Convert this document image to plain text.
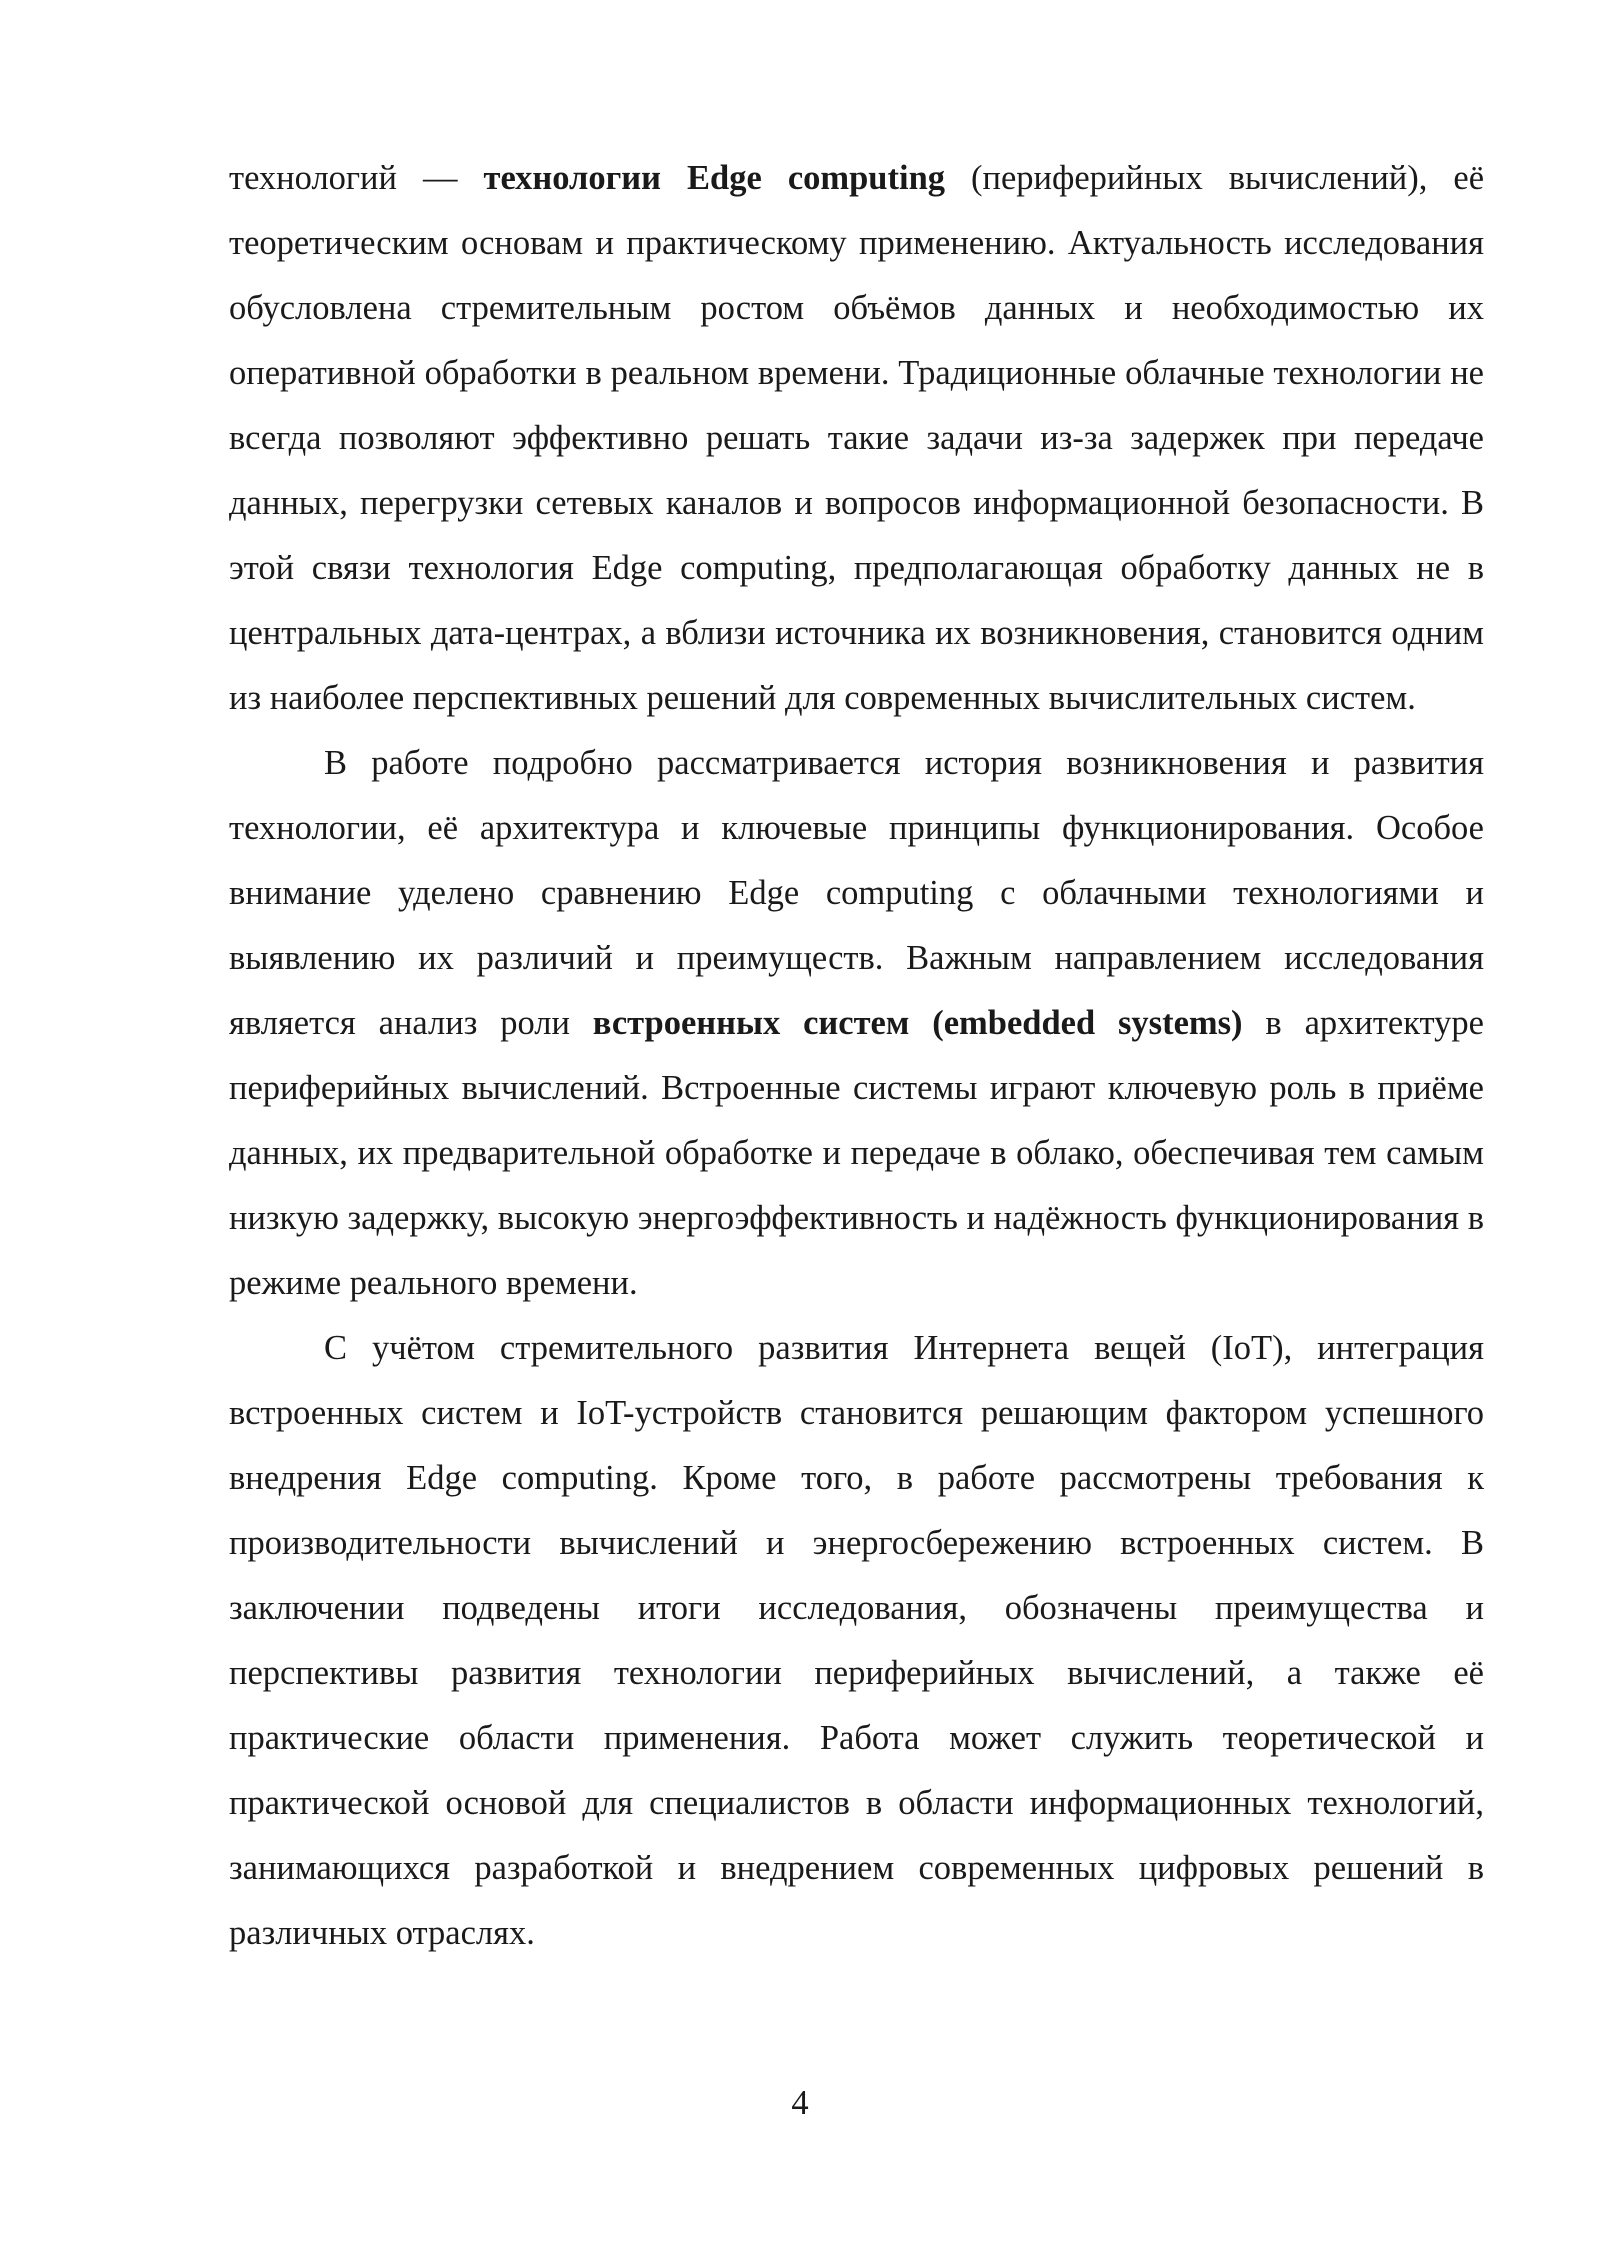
технологий — технологии Edge computing (периферийных вычислений), её теоретическим основам и практическому применению. Актуальность исследования обусловлена стремительным ростом объёмов данных и необходимостью их оперативной обработки в реальном времени. Традиционные облачные технологии не всегда позволяют эффективно решать такие задачи из-за задержек при передаче данных, перегрузки сетевых каналов и вопросов информационной безопасности. В этой связи технология Edge computing, предполагающая обработку данных не в центральных дата-центрах, а вблизи источника их возникновения, становится одним из наиболее перспективных решений для современных вычислительных систем.

В работе подробно рассматривается история возникновения и развития технологии, её архитектура и ключевые принципы функционирования. Особое внимание уделено сравнению Edge computing с облачными технологиями и выявлению их различий и преимуществ. Важным направлением исследования является анализ роли встроенных систем (embedded systems) в архитектуре периферийных вычислений. Встроенные системы играют ключевую роль в приёме данных, их предварительной обработке и передаче в облако, обеспечивая тем самым низкую задержку, высокую энергоэффективность и надёжность функционирования в режиме реального времени.

С учётом стремительного развития Интернета вещей (IoT), интеграция встроенных систем и IoT-устройств становится решающим фактором успешного внедрения Edge computing. Кроме того, в работе рассмотрены требования к производительности вычислений и энергосбережению встроенных систем. В заключении подведены итоги исследования, обозначены преимущества и перспективы развития технологии периферийных вычислений, а также её практические области применения. Работа может служить теоретической и практической основой для специалистов в области информационных технологий, занимающихся разработкой и внедрением современных цифровых решений в различных отраслях.

4
